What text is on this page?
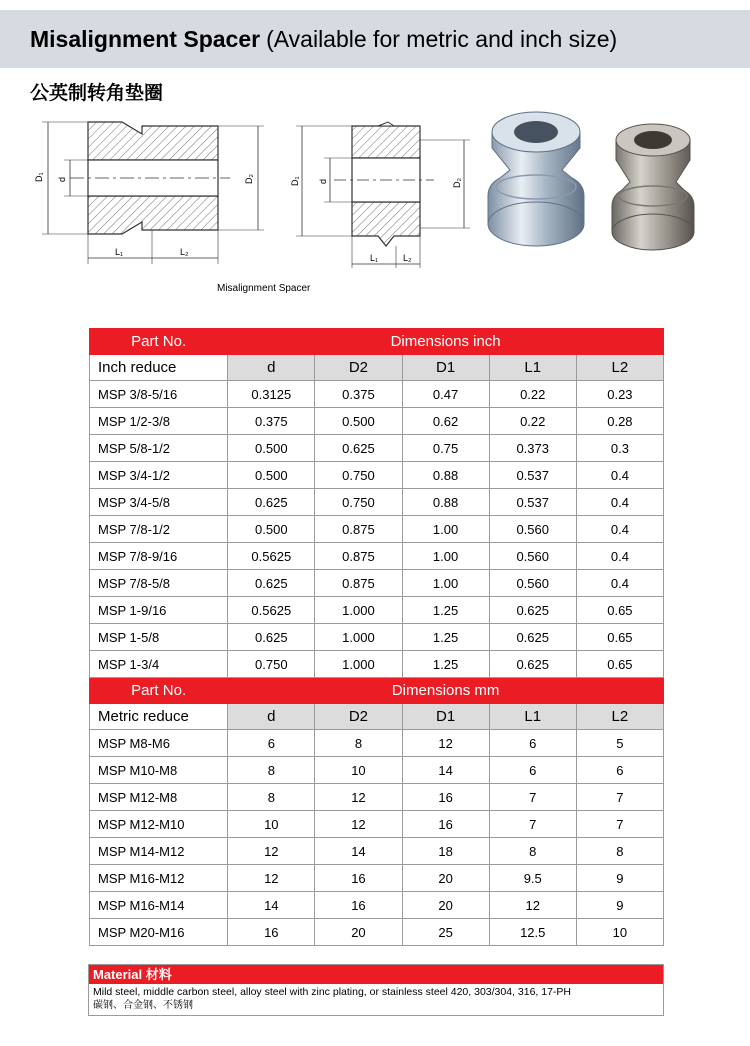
Misalignment Spacer (Available for metric and inch size)
公英制转角垫圈
D₁ d	D₂
L₁	L₂
D₁ d	D₂
L₁	L₂
Misalignment Spacer
Part No.	Dimensions inch				
Inch reduce	d	D2	D1	L1	L2
MSP 3/8-5/16	0.3125	0.375	0.47	0.22	0.23
MSP 1/2-3/8	0.375	0.500	0.62	0.22	0.28
MSP 5/8-1/2	0.500	0.625	0.75	0.373	0.3
MSP 3/4-1/2	0.500	0.750	0.88	0.537	0.4
MSP 3/4-5/8	0.625	0.750	0.88	0.537	0.4
MSP 7/8-1/2	0.500	0.875	1.00	0.560	0.4
MSP 7/8-9/16	0.5625	0.875	1.00	0.560	0.4
MSP 7/8-5/8	0.625	0.875	1.00	0.560	0.4
MSP 1-9/16	0.5625	1.000	1.25	0.625	0.65
MSP 1-5/8	0.625	1.000	1.25	0.625	0.65
MSP 1-3/4	0.750	1.000	1.25	0.625	0.65
Part No.	Dimensions mm				
Metric reduce	d	D2	D1	L1	L2
MSP M8-M6	6	8	12	6	5
MSP M10-M8	8	10	14	6	6
MSP M12-M8	8	12	16	7	7
MSP M12-M10	10	12	16	7	7
MSP M14-M12	12	14	18	8	8
MSP M16-M12	12	16	20	9.5	9
MSP M16-M14	14	16	20	12	9
MSP M20-M16	16	20	25	12.5	10
Material 材料
Mild steel, middle carbon steel, alloy steel with zinc plating, or stainless steel 420, 303/304, 316, 17-PH
碳钢、合金钢、不锈钢
